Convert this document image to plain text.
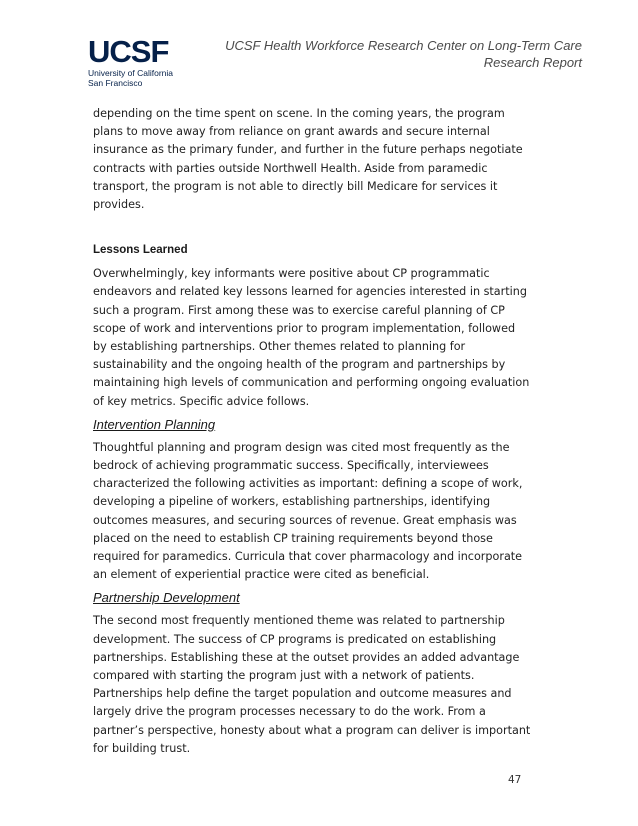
UCSF
University of California
San Francisco
UCSF Health Workforce Research Center on Long-Term Care
Research Report

depending on the time spent on scene. In the coming years, the program
plans to move away from reliance on grant awards and secure internal
insurance as the primary funder, and further in the future perhaps negotiate
contracts with parties outside Northwell Health. Aside from paramedic
transport, the program is not able to directly bill Medicare for services it
provides.

Lessons Learned

Overwhelmingly, key informants were positive about CP programmatic
endeavors and related key lessons learned for agencies interested in starting
such a program. First among these was to exercise careful planning of CP
scope of work and interventions prior to program implementation, followed
by establishing partnerships. Other themes related to planning for
sustainability and the ongoing health of the program and partnerships by
maintaining high levels of communication and performing ongoing evaluation
of key metrics. Specific advice follows.

Intervention Planning

Thoughtful planning and program design was cited most frequently as the
bedrock of achieving programmatic success. Specifically, interviewees
characterized the following activities as important: defining a scope of work,
developing a pipeline of workers, establishing partnerships, identifying
outcomes measures, and securing sources of revenue. Great emphasis was
placed on the need to establish CP training requirements beyond those
required for paramedics. Curricula that cover pharmacology and incorporate
an element of experiential practice were cited as beneficial.

Partnership Development

The second most frequently mentioned theme was related to partnership
development. The success of CP programs is predicated on establishing
partnerships. Establishing these at the outset provides an added advantage
compared with starting the program just with a network of patients.
Partnerships help define the target population and outcome measures and
largely drive the program processes necessary to do the work. From a
partner’s perspective, honesty about what a program can deliver is important
for building trust.

47
